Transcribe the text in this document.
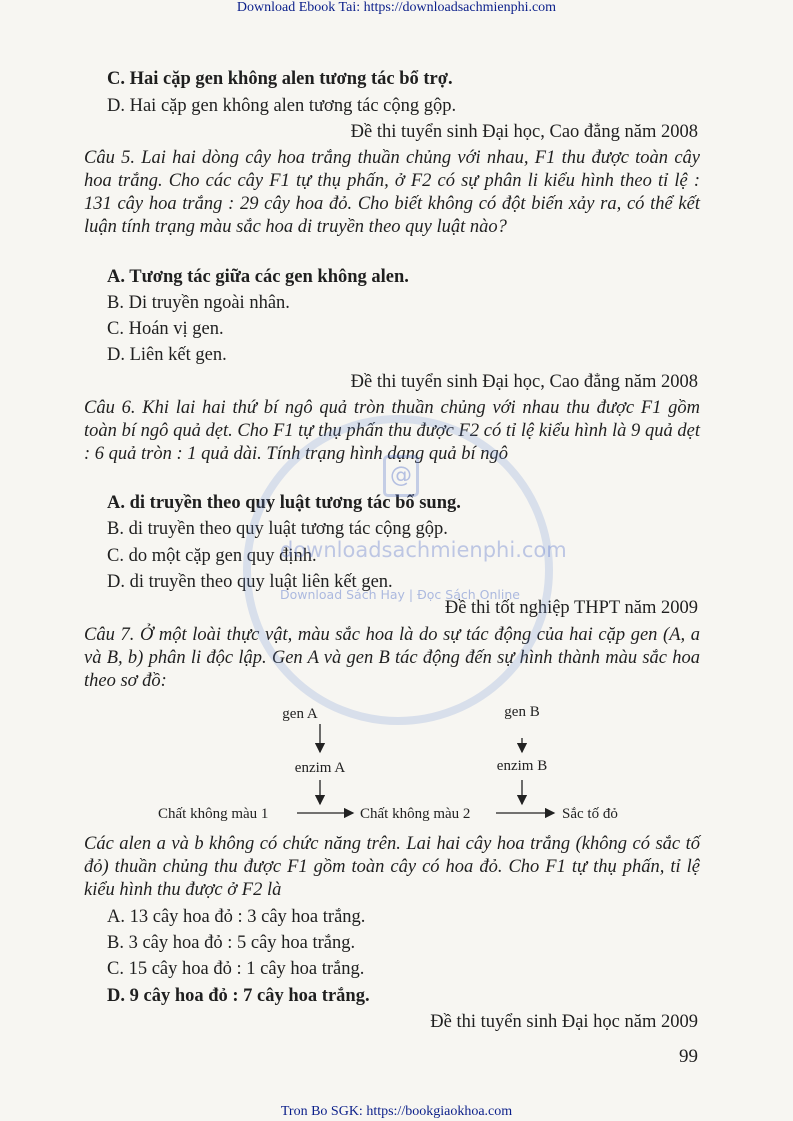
Download Ebook Tai: https://downloadsachmienphi.com
C. Hai cặp gen không alen tương tác bổ trợ.
D. Hai cặp gen không alen tương tác cộng gộp.
Đề thi tuyển sinh Đại học, Cao đẳng năm 2008
Câu 5. Lai hai dòng cây hoa trắng thuần chủng với nhau, F1 thu được toàn cây hoa trắng. Cho các cây F1 tự thụ phấn, ở F2 có sự phân li kiểu hình theo tỉ lệ : 131 cây hoa trắng : 29 cây hoa đỏ. Cho biết không có đột biến xảy ra, có thể kết luận tính trạng màu sắc hoa di truyền theo quy luật nào?
A. Tương tác giữa các gen không alen.
B. Di truyền ngoài nhân.
C. Hoán vị gen.
D. Liên kết gen.
Đề thi tuyển sinh Đại học, Cao đẳng năm 2008
Câu 6. Khi lai hai thứ bí ngô quả tròn thuần chủng với nhau thu được F1 gồm toàn bí ngô quả dẹt. Cho F1 tự thụ phấn thu được F2 có tỉ lệ kiểu hình là 9 quả dẹt : 6 quả tròn : 1 quả dài. Tính trạng hình dạng quả bí ngô
A. di truyền theo quy luật tương tác bổ sung.
B. di truyền theo quy luật tương tác cộng gộp.
C. do một cặp gen quy định.
D. di truyền theo quy luật liên kết gen.
Đề thi tốt nghiệp THPT năm 2009
Câu 7. Ở một loài thực vật, màu sắc hoa là do sự tác động của hai cặp gen (A, a và B, b) phân li độc lập. Gen A và gen B tác động đến sự hình thành màu sắc hoa theo sơ đồ:
gen A	gen B
enzim A	enzim B
Chất không màu 1	Chất không màu 2	Sắc tố đỏ
Các alen a và b không có chức năng trên. Lai hai cây hoa trắng (không có sắc tố đỏ) thuần chủng thu được F1 gồm toàn cây có hoa đỏ. Cho F1 tự thụ phấn, tỉ lệ kiểu hình thu được ở F2 là
A. 13 cây hoa đỏ : 3 cây hoa trắng.
B. 3 cây hoa đỏ : 5 cây hoa trắng.
C. 15 cây hoa đỏ : 1 cây hoa trắng.
D. 9 cây hoa đỏ : 7 cây hoa trắng.
Đề thi tuyển sinh Đại học năm 2009
99
@
downloadsachmienphi.com
Download Sách Hay | Đọc Sách Online
Tron Bo SGK: https://bookgiaokhoa.com
